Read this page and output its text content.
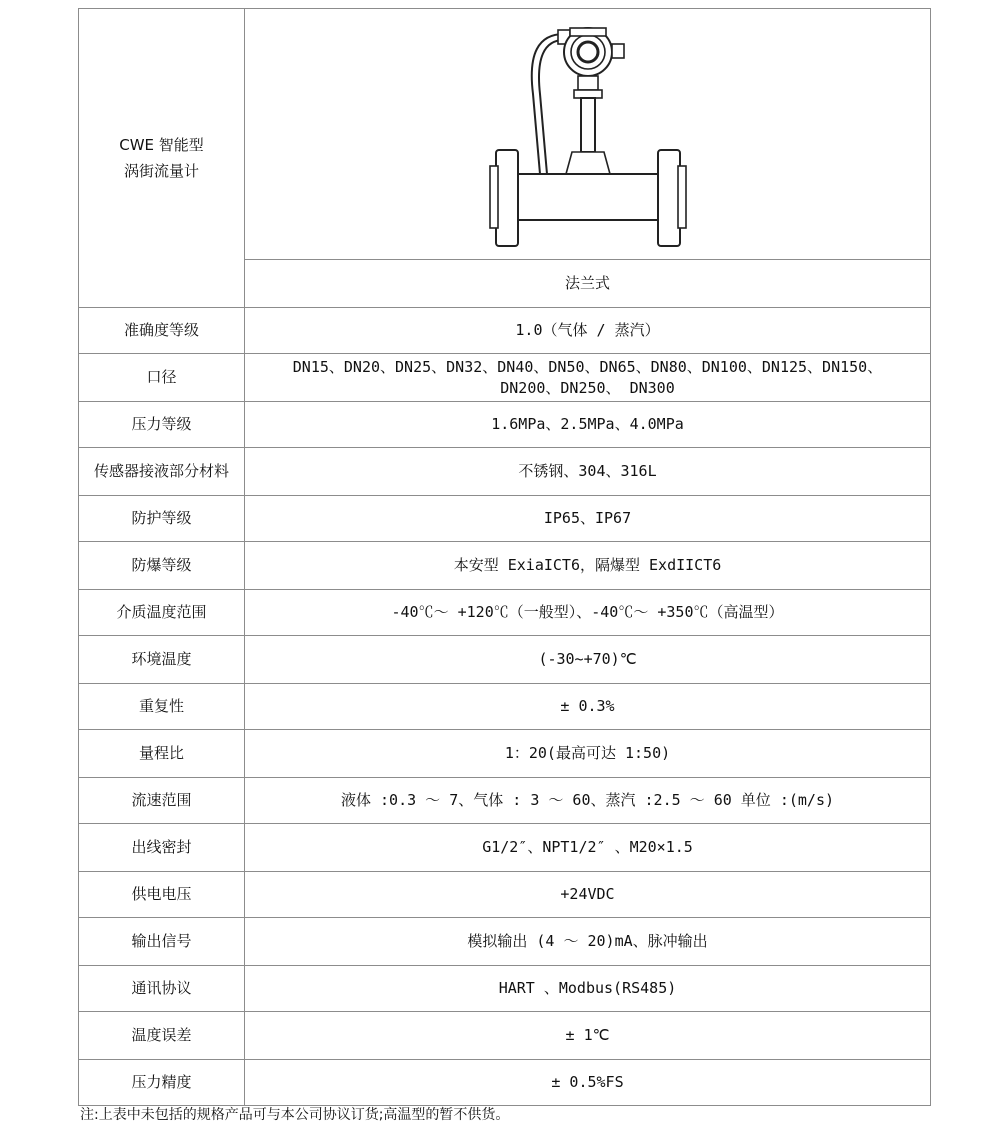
CWE 智能型
涡街流量计

	法兰式
准确度等级	1.0（气体 / 蒸汽）
口径	DN15、DN20、DN25、DN32、DN40、DN50、DN65、DN80、DN100、DN125、DN150、
DN200、DN250、 DN300

压力等级	1.6MPa、2.5MPa、4.0MPa
传感器接液部分材料	不锈钢、304、316L
防护等级	IP65、IP67
防爆等级	本安型 ExiaICT6，隔爆型 ExdIICT6
介质温度范围	-40℃～ +120℃（一般型）、-40℃～ +350℃（高温型）
环境温度	(-30~+70)℃
重复性	± 0.3%
量程比	1：20(最高可达 1:50)
流速范围	液体 :0.3 ～ 7、气体 : 3 ～ 60、蒸汽 :2.5 ～ 60 单位 :(m/s)
出线密封	G1/2″、NPT1/2″ 、M20×1.5
供电电压	+24VDC
输出信号	模拟输出 (4 ～ 20)mA、脉冲输出
通讯协议	HART 、Modbus(RS485)
温度误差	± 1℃
压力精度	± 0.5%FS
注:上表中未包括的规格产品可与本公司协议订货;高温型的暂不供货。
